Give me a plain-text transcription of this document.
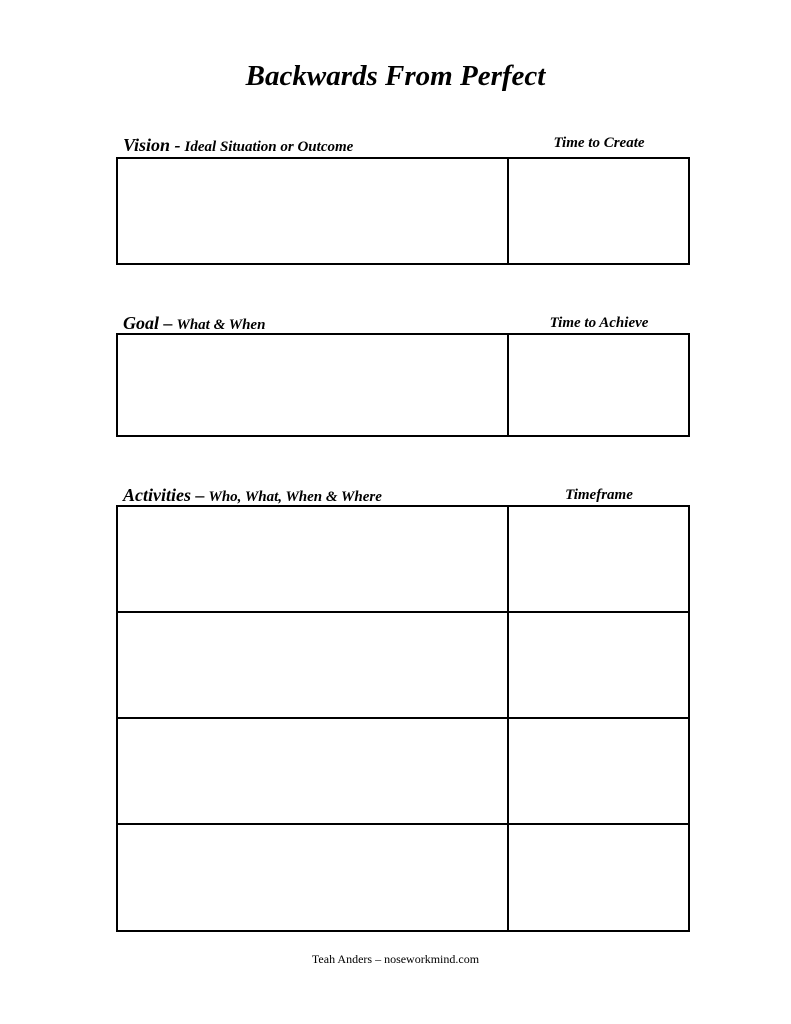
Backwards From Perfect
Vision - Ideal Situation or Outcome	Time to Create
Goal – What & When	Time to Achieve
Activities – Who, What, When & Where	Timeframe
Teah Anders – noseworkmind.com
